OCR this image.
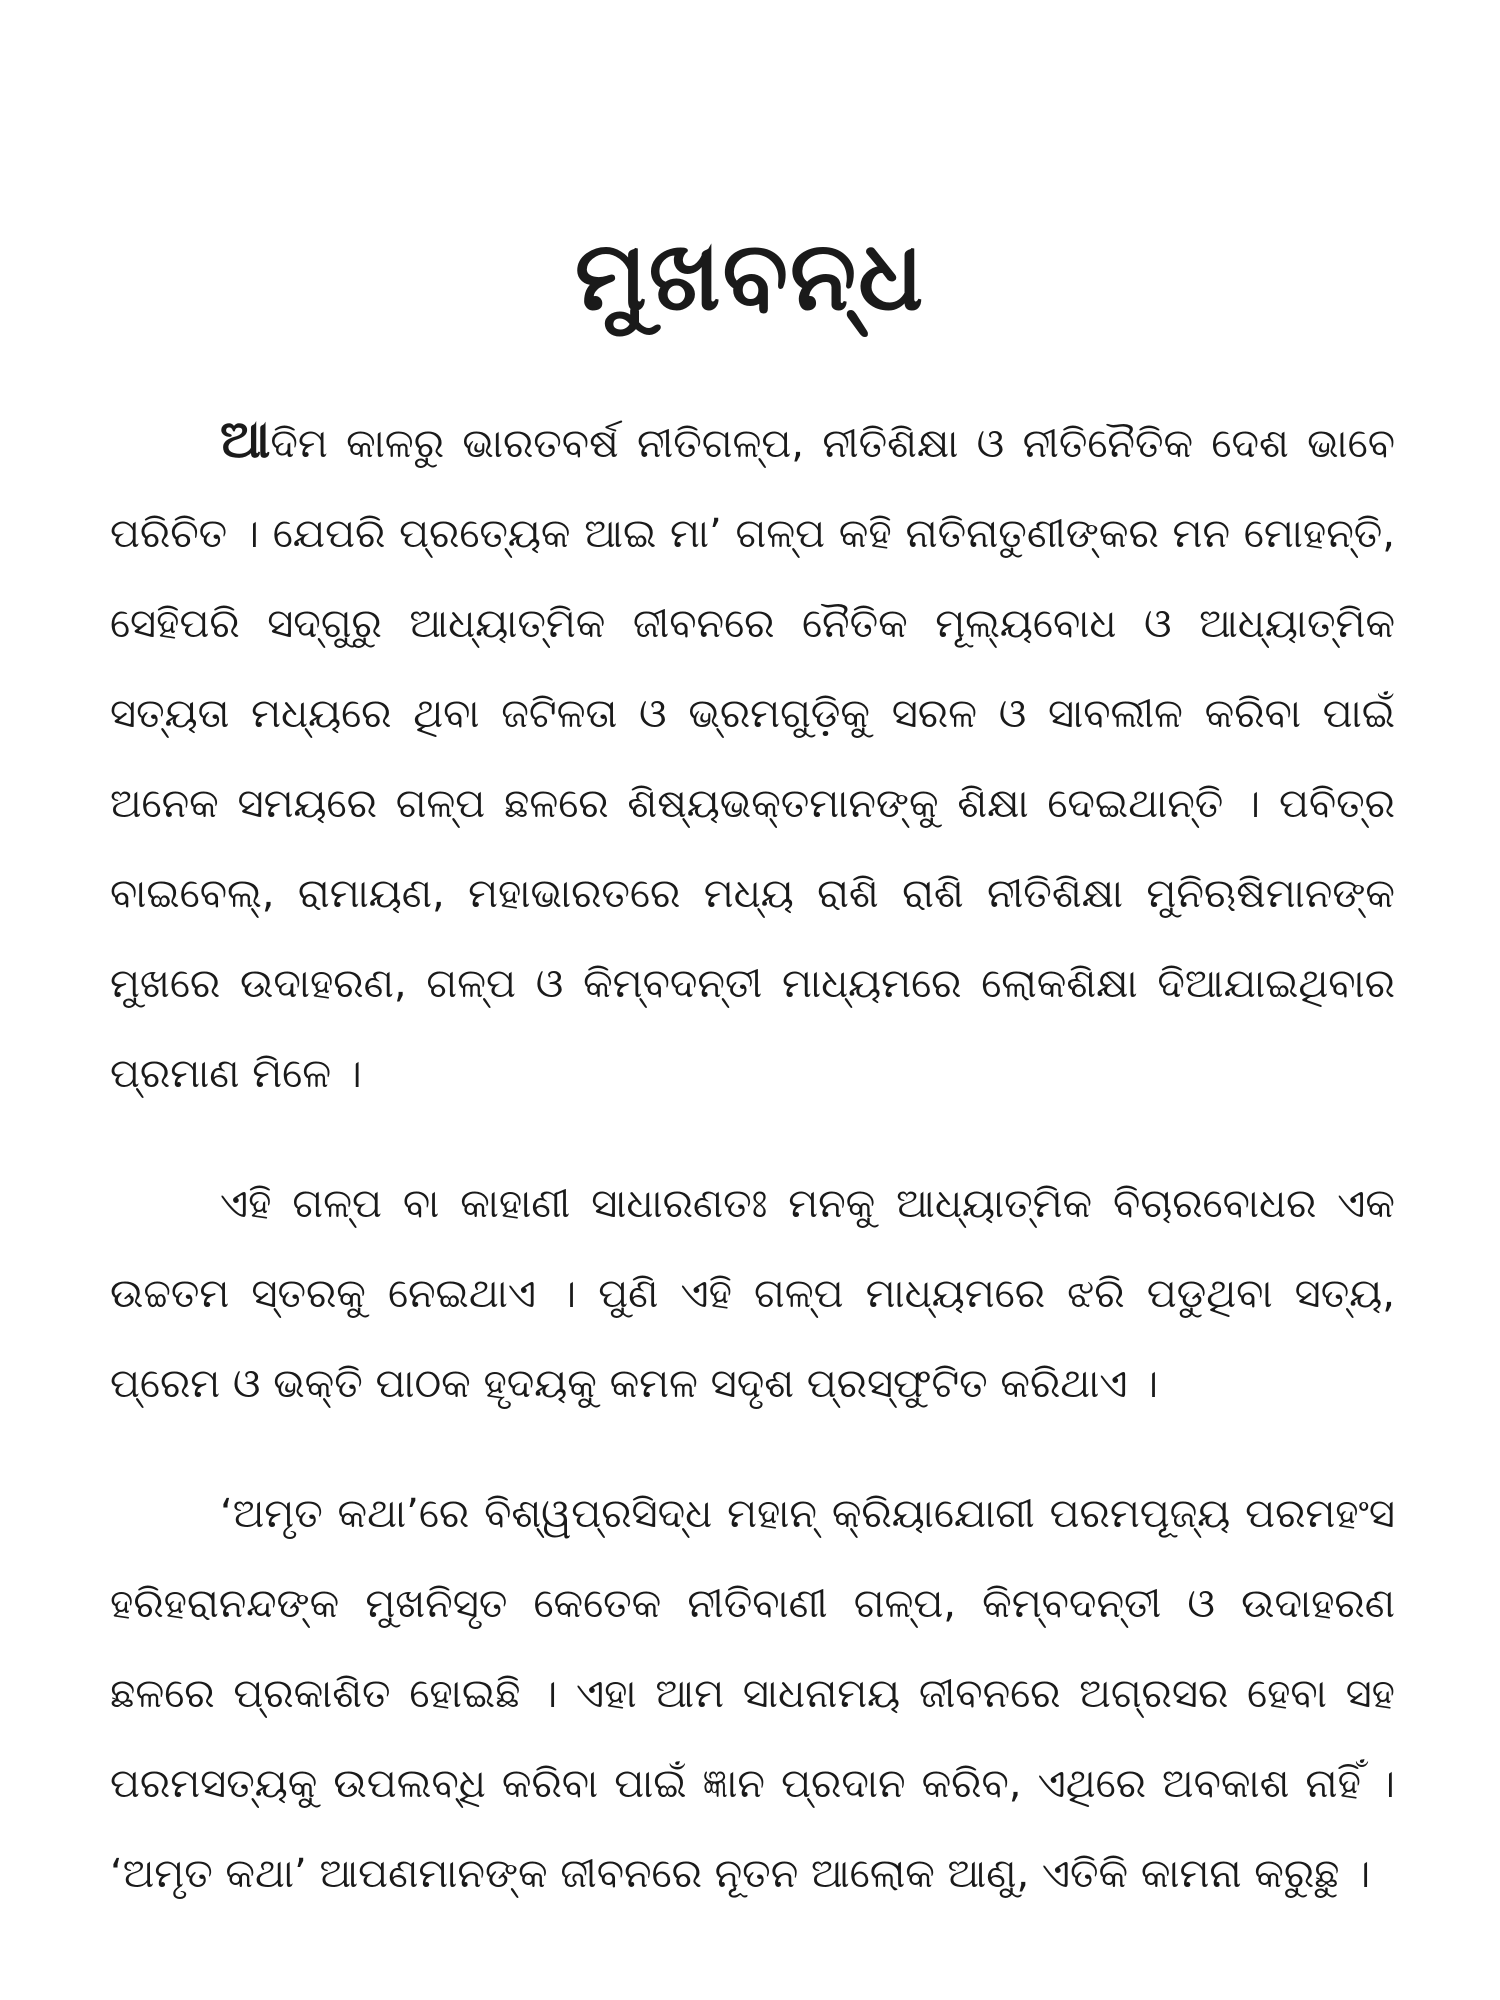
ମୁଖବନ୍ଧ

ଆଦିମ କାଳରୁ ଭାରତବର୍ଷ ନୀତିଗଳ୍ପ, ନୀତିଶିକ୍ଷା ଓ ନୀତିନୈତିକ ଦେଶ ଭାବେ ପରିଚିତ । ଯେପରି ପ୍ରତ୍ୟେକ ଆଇ ମା’ ଗଳ୍ପ କହି ନାତିନାତୁଣୀଙ୍କର ମନ ମୋହନ୍ତି, ସେହିପରି ସଦ୍‌ଗୁରୁ ଆଧ୍ୟାତ୍ମିକ ଜୀବନରେ ନୈତିକ ମୂଲ୍ୟବୋଧ ଓ ଆଧ୍ୟାତ୍ମିକ ସତ୍ୟତା ମଧ୍ୟରେ ଥିବା ଜଟିଳତା ଓ ଭ୍ରମଗୁଡ଼ିକୁ ସରଳ ଓ ସାବଲୀଳ କରିବା ପାଇଁ ଅନେକ ସମୟରେ ଗଳ୍ପ ଛଳରେ ଶିଷ୍ୟଭକ୍ତମାନଙ୍କୁ ଶିକ୍ଷା ଦେଇଥାନ୍ତି । ପବିତ୍ର ବାଇବେଲ୍, ରାମାୟଣ, ମହାଭାରତରେ ମଧ୍ୟ ରାଶି ରାଶି ନୀତିଶିକ୍ଷା ମୁନିଋଷିମାନଙ୍କ ମୁଖରେ ଉଦାହରଣ, ଗଳ୍ପ ଓ କିମ୍ବଦନ୍ତୀ ମାଧ୍ୟମରେ ଲୋକଶିକ୍ଷା ଦିଆଯାଇଥିବାର ପ୍ରମାଣ ମିଳେ ।

ଏହି ଗଳ୍ପ ବା କାହାଣୀ ସାଧାରଣତଃ ମନକୁ ଆଧ୍ୟାତ୍ମିକ ବିଚାରବୋଧର ଏକ ଉଚ୍ଚତମ ସ୍ତରକୁ ନେଇଥାଏ । ପୁଣି ଏହି ଗଳ୍ପ ମାଧ୍ୟମରେ ଝରି ପଡୁଥିବା ସତ୍ୟ, ପ୍ରେମ ଓ ଭକ୍ତି ପାଠକ ହୃଦୟକୁ କମଳ ସଦୃଶ ପ୍ରସ୍ଫୁଟିତ କରିଥାଏ ।

‘ଅମୃତ କଥା’ରେ ବିଶ୍ୱପ୍ରସିଦ୍ଧ ମହାନ୍ କ୍ରିୟାଯୋଗୀ ପରମପୂଜ୍ୟ ପରମହଂସ ହରିହରାନନ୍ଦଙ୍କ ମୁଖନିସୃତ କେତେକ ନୀତିବାଣୀ ଗଳ୍ପ, କିମ୍ବଦନ୍ତୀ ଓ ଉଦାହରଣ ଛଳରେ ପ୍ରକାଶିତ ହୋଇଛି । ଏହା ଆମ ସାଧନାମୟ ଜୀବନରେ ଅଗ୍ରସର ହେବା ସହ ପରମସତ୍ୟକୁ ଉପଲବ୍ଧି କରିବା ପାଇଁ ଜ୍ଞାନ ପ୍ରଦାନ କରିବ, ଏଥିରେ ଅବକାଶ ନାହିଁ । ‘ଅମୃତ କଥା’ ଆପଣମାନଙ୍କ ଜୀବନରେ ନୂତନ ଆଲୋକ ଆଣୁ, ଏତିକି କାମନା କରୁଛୁ ।
